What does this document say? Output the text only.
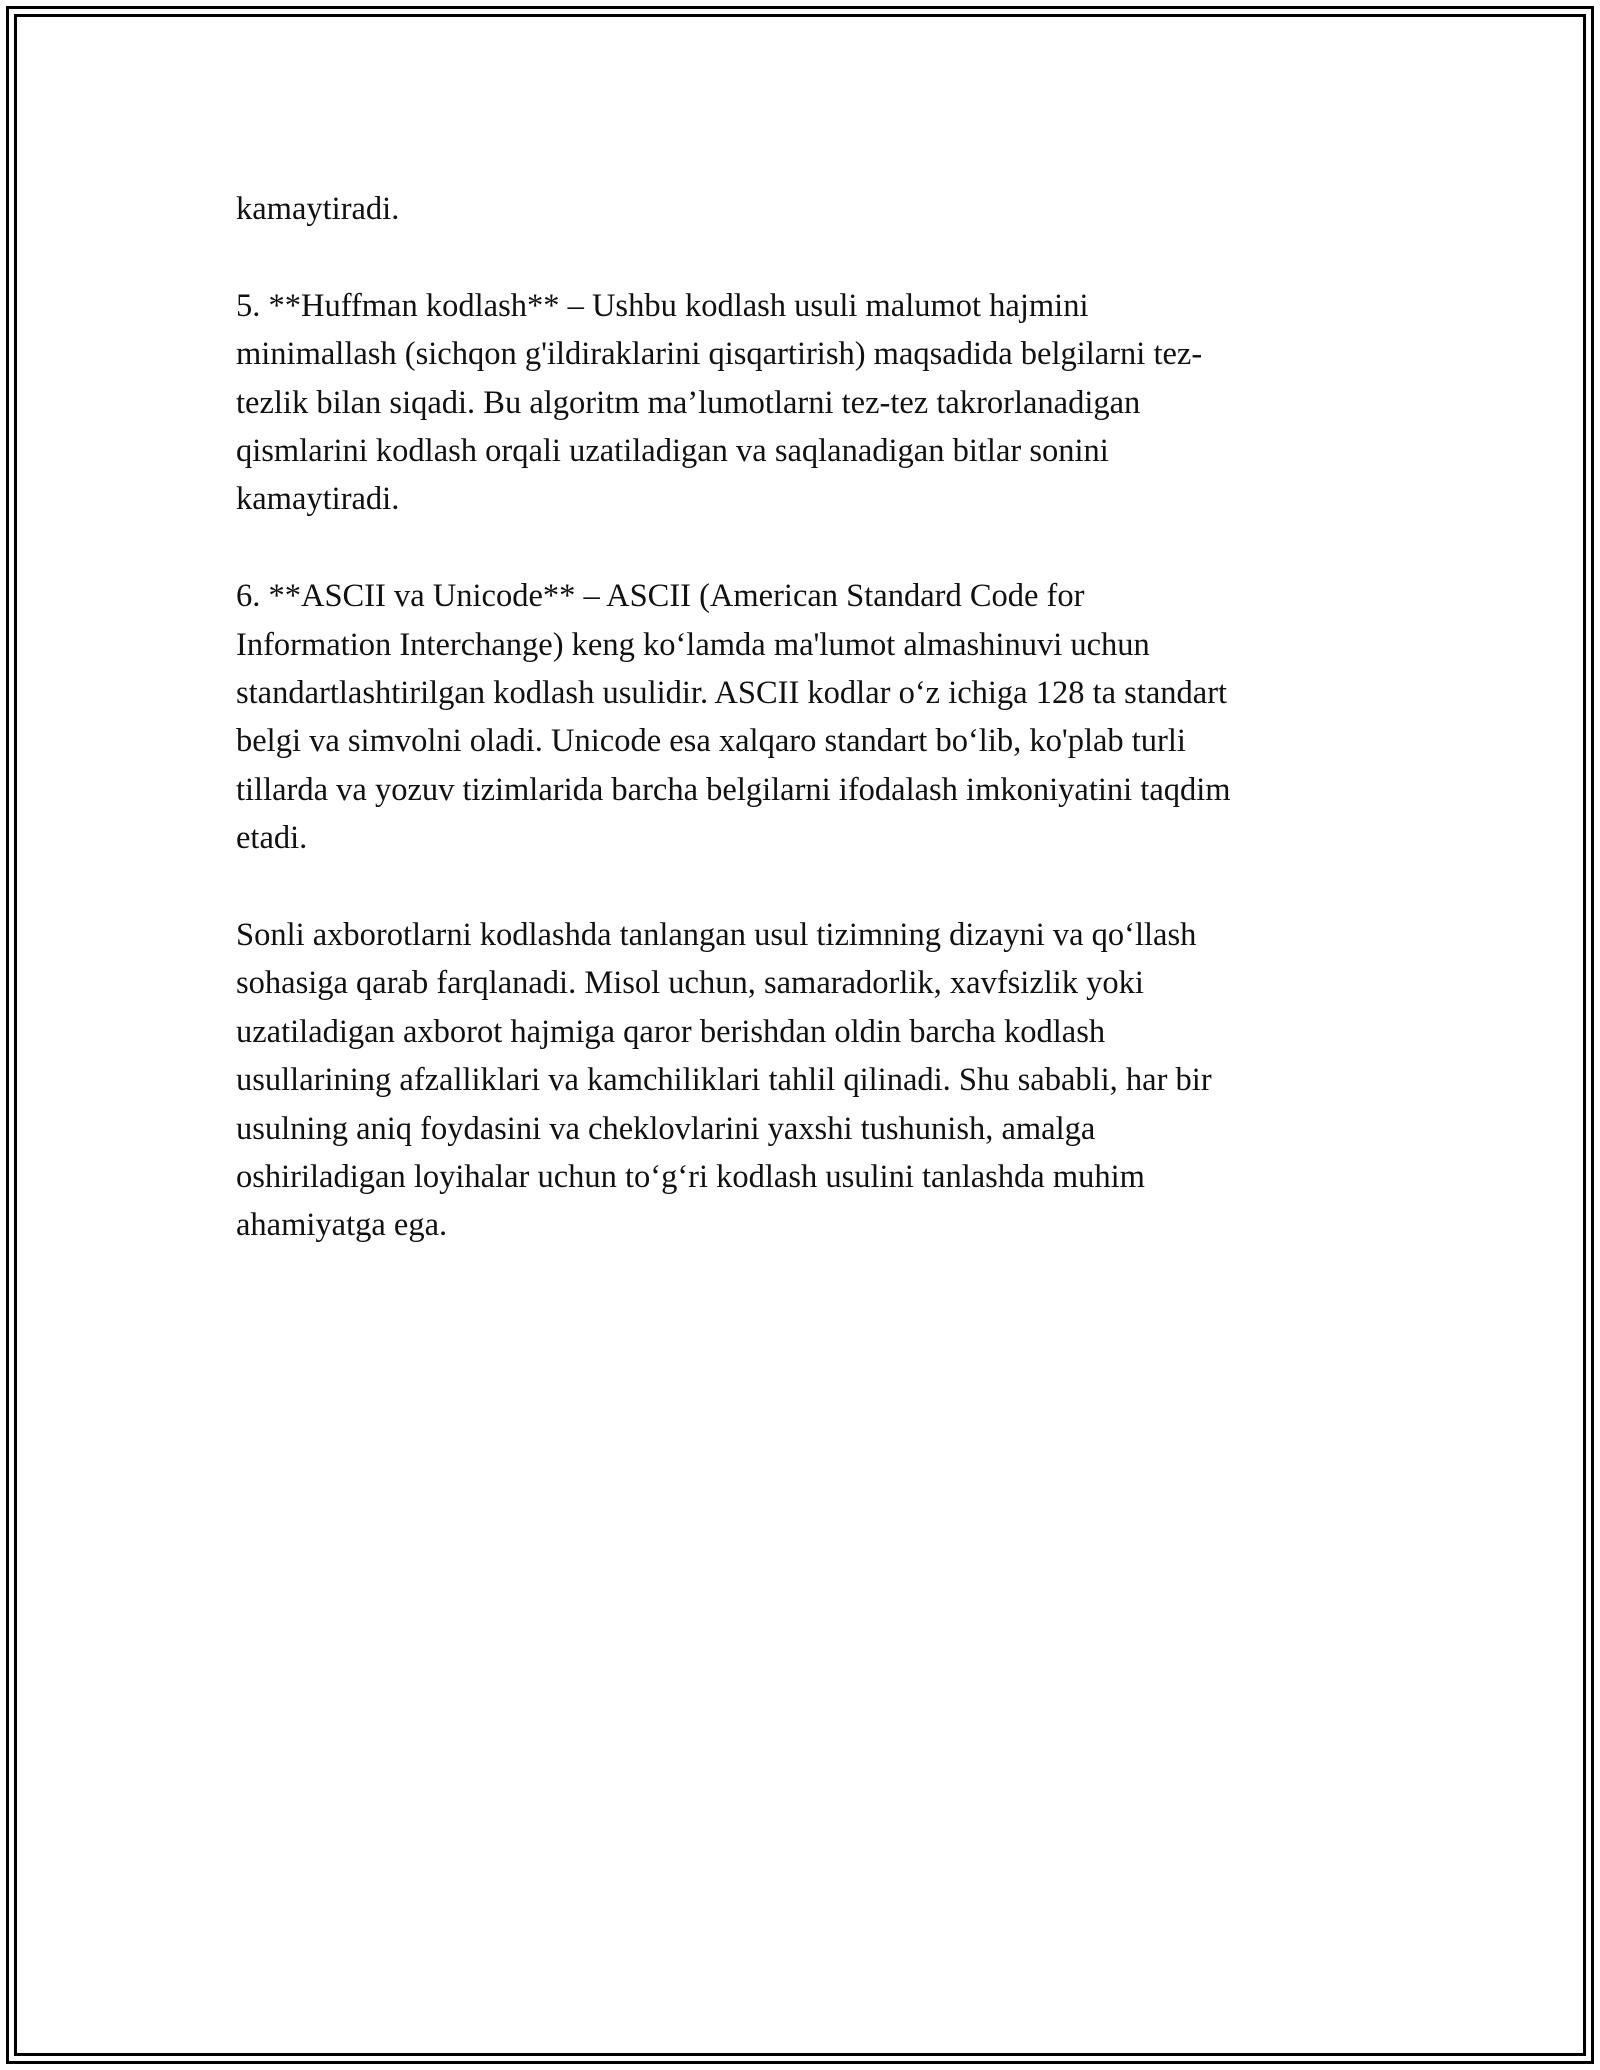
kamaytiradi.

5. **Huffman kodlash** – Ushbu kodlash usuli malumot hajmini
minimallash (sichqon g'ildiraklarini qisqartirish) maqsadida belgilarni tez-
tezlik bilan siqadi. Bu algoritm ma’lumotlarni tez-tez takrorlanadigan
qismlarini kodlash orqali uzatiladigan va saqlanadigan bitlar sonini
kamaytiradi.

6. **ASCII va Unicode** – ASCII (American Standard Code for
Information Interchange) keng ko‘lamda ma'lumot almashinuvi uchun
standartlashtirilgan kodlash usulidir. ASCII kodlar o‘z ichiga 128 ta standart
belgi va simvolni oladi. Unicode esa xalqaro standart bo‘lib, ko'plab turli
tillarda va yozuv tizimlarida barcha belgilarni ifodalash imkoniyatini taqdim
etadi.

Sonli axborotlarni kodlashda tanlangan usul tizimning dizayni va qo‘llash
sohasiga qarab farqlanadi. Misol uchun, samaradorlik, xavfsizlik yoki
uzatiladigan axborot hajmiga qaror berishdan oldin barcha kodlash
usullarining afzalliklari va kamchiliklari tahlil qilinadi. Shu sababli, har bir
usulning aniq foydasini va cheklovlarini yaxshi tushunish, amalga
oshiriladigan loyihalar uchun to‘g‘ri kodlash usulini tanlashda muhim
ahamiyatga ega.
